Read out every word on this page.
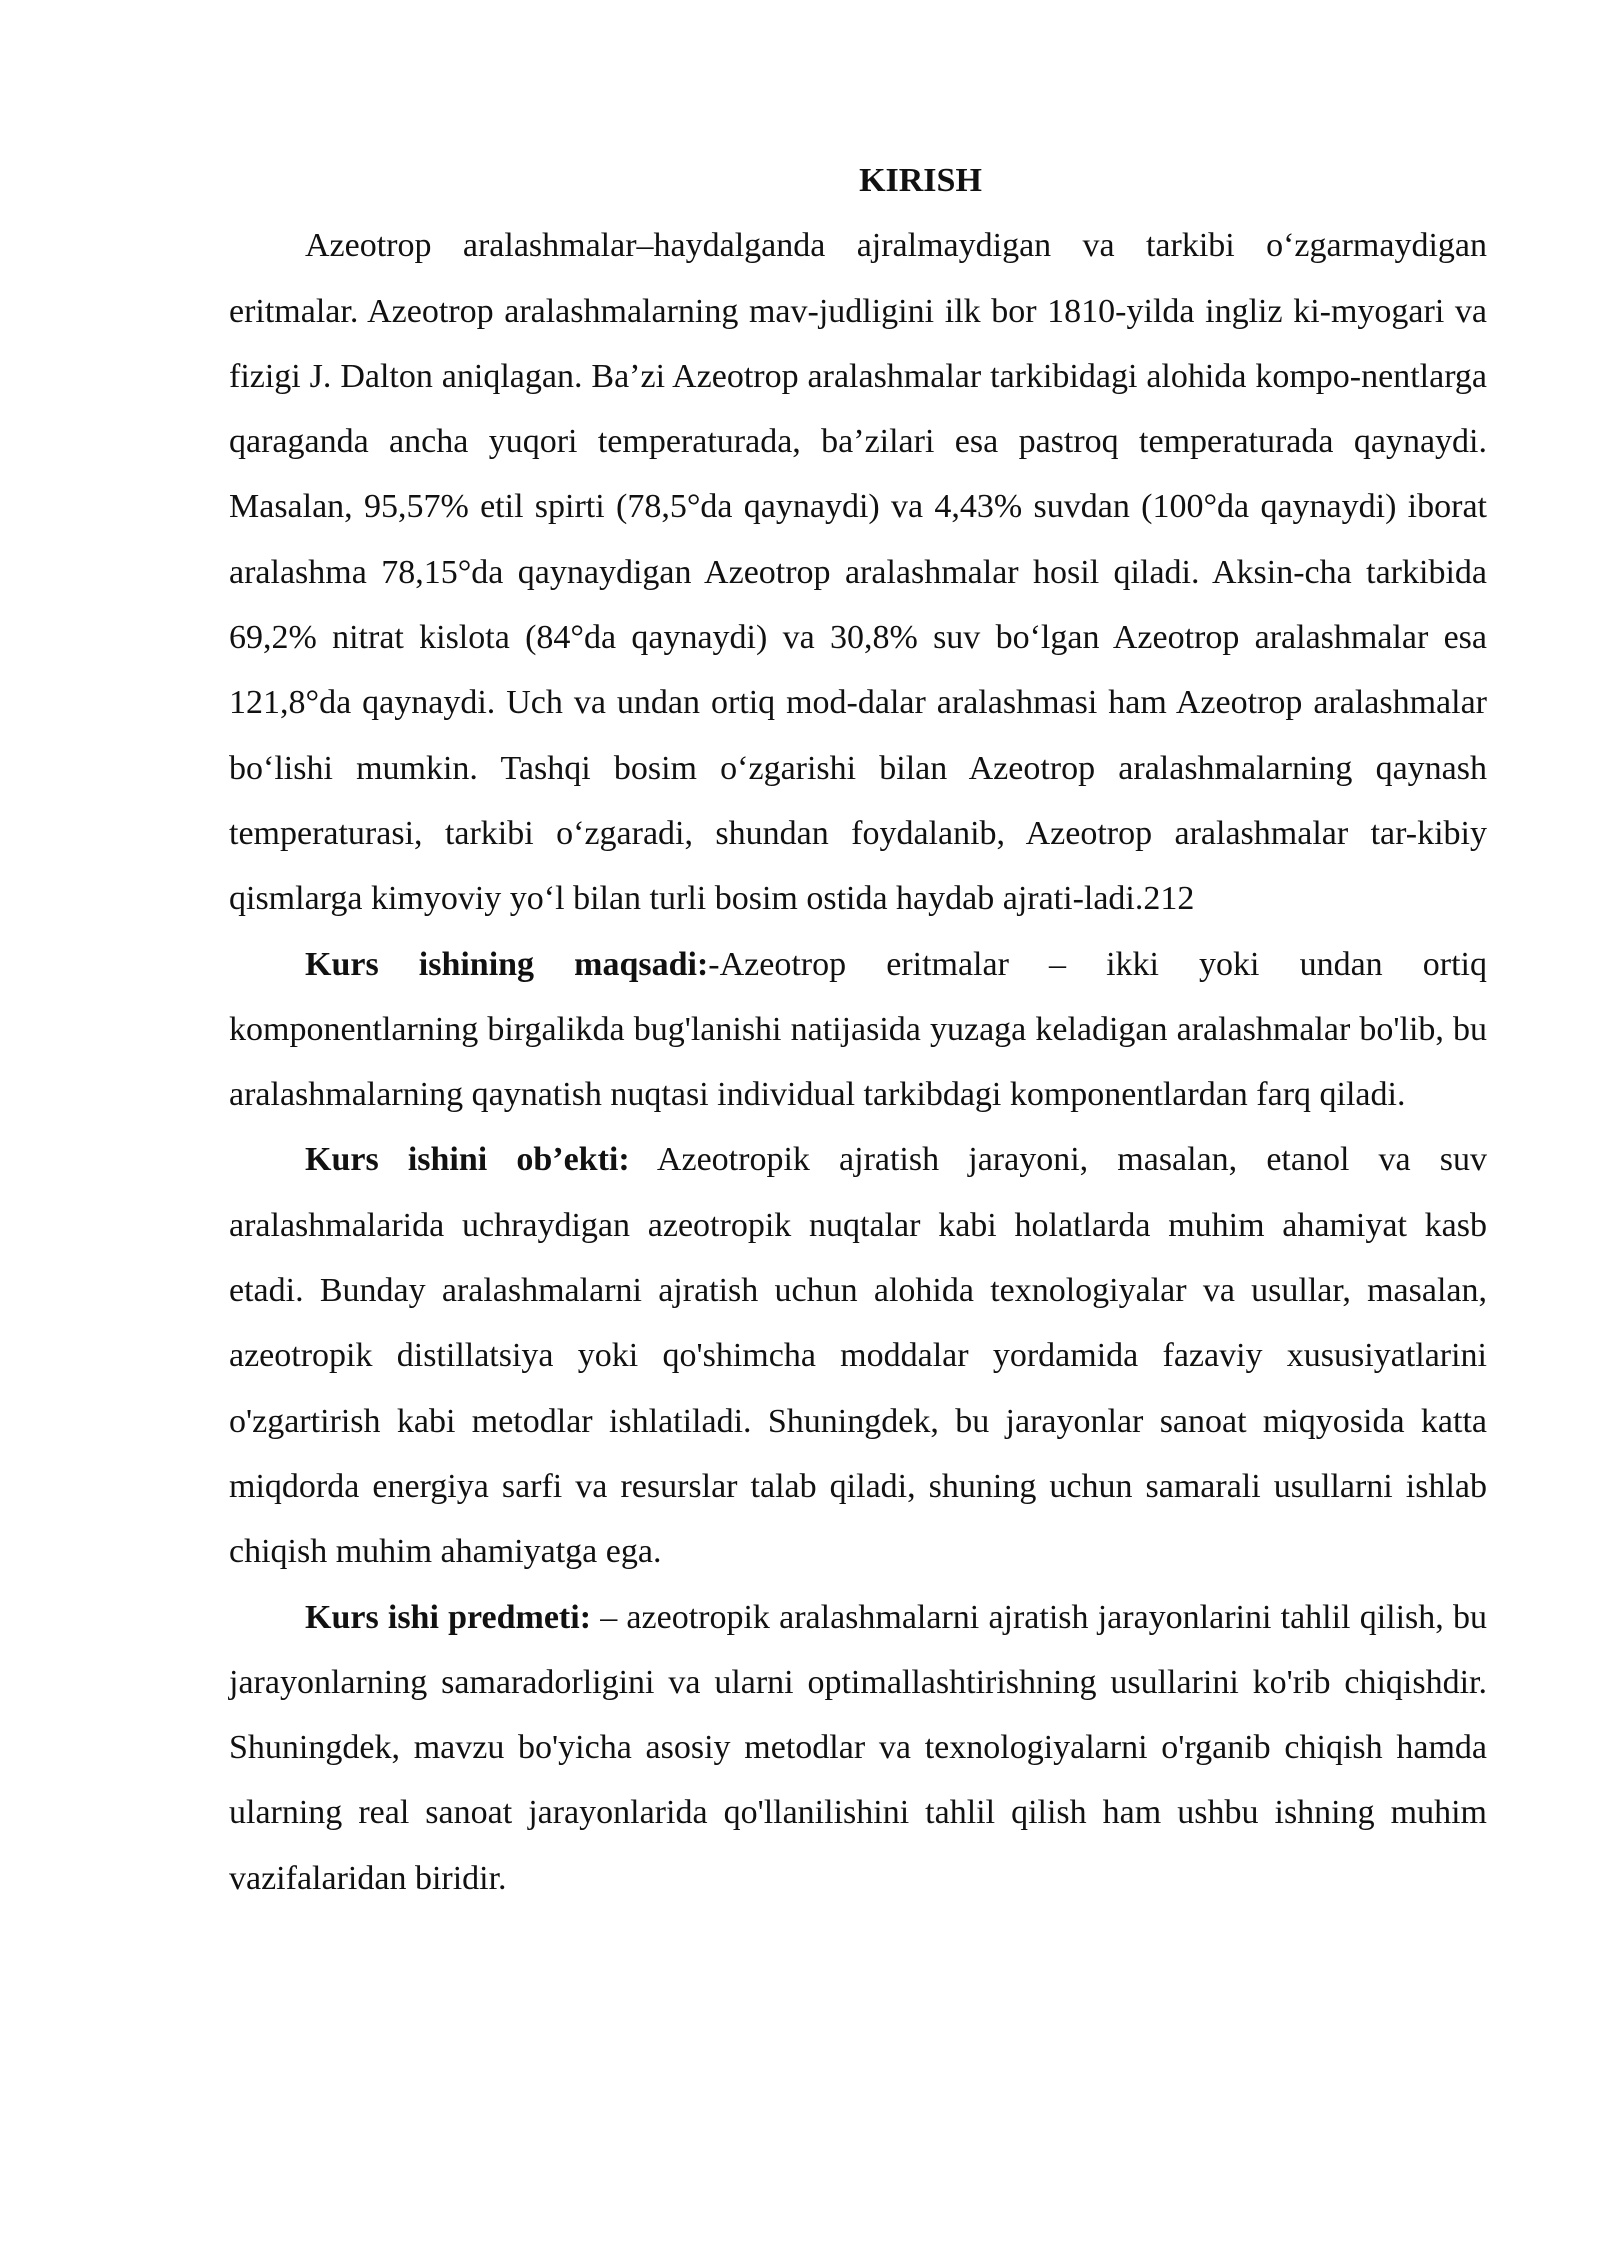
KIRISH

Azeotrop aralashmalar–haydalganda ajralmaydigan va tarkibi o‘zgarmaydigan eritmalar. Azeotrop aralashmalarning mav-judligini ilk bor 1810-yilda ingliz ki-myogari va fizigi J. Dalton aniqlagan. Ba’zi Azeotrop aralashmalar tarkibidagi alohida kompo-nentlarga qaraganda ancha yuqori temperaturada, ba’zilari esa pastroq temperaturada qaynaydi. Masalan, 95,57% etil spirti (78,5°da qaynaydi) va 4,43% suvdan (100°da qaynaydi) iborat aralashma 78,15°da qaynaydigan Azeotrop aralashmalar hosil qiladi. Aksin-cha tarkibida 69,2% nitrat kislota (84°da qaynaydi) va 30,8% suv bo‘lgan Azeotrop aralashmalar esa 121,8°da qaynaydi. Uch va undan ortiq mod-dalar aralashmasi ham Azeotrop aralashmalar bo‘lishi mumkin. Tashqi bosim o‘zgarishi bilan Azeotrop aralashmalarning qaynash temperaturasi, tarkibi o‘zgaradi, shundan foydalanib, Azeotrop aralashmalar tar-kibiy qismlarga kimyoviy yo‘l bilan turli bosim ostida haydab ajrati-ladi.212

Kurs ishining maqsadi:-Azeotrop eritmalar – ikki yoki undan ortiq komponentlarning birgalikda bug'lanishi natijasida yuzaga keladigan aralashmalar bo'lib, bu aralashmalarning qaynatish nuqtasi individual tarkibdagi komponentlardan farq qiladi.

Kurs ishini ob’ekti: Azeotropik ajratish jarayoni, masalan, etanol va suv aralashmalarida uchraydigan azeotropik nuqtalar kabi holatlarda muhim ahamiyat kasb etadi. Bunday aralashmalarni ajratish uchun alohida texnologiyalar va usullar, masalan, azeotropik distillatsiya yoki qo'shimcha moddalar yordamida fazaviy xususiyatlarini o'zgartirish kabi metodlar ishlatiladi. Shuningdek, bu jarayonlar sanoat miqyosida katta miqdorda energiya sarfi va resurslar talab qiladi, shuning uchun samarali usullarni ishlab chiqish muhim ahamiyatga ega.

Kurs ishi predmeti: – azeotropik aralashmalarni ajratish jarayonlarini tahlil qilish, bu jarayonlarning samaradorligini va ularni optimallashtirishning usullarini ko'rib chiqishdir. Shuningdek, mavzu bo'yicha asosiy metodlar va texnologiyalarni o'rganib chiqish hamda ularning real sanoat jarayonlarida qo'llanilishini tahlil qilish ham ushbu ishning muhim vazifalaridan biridir.
